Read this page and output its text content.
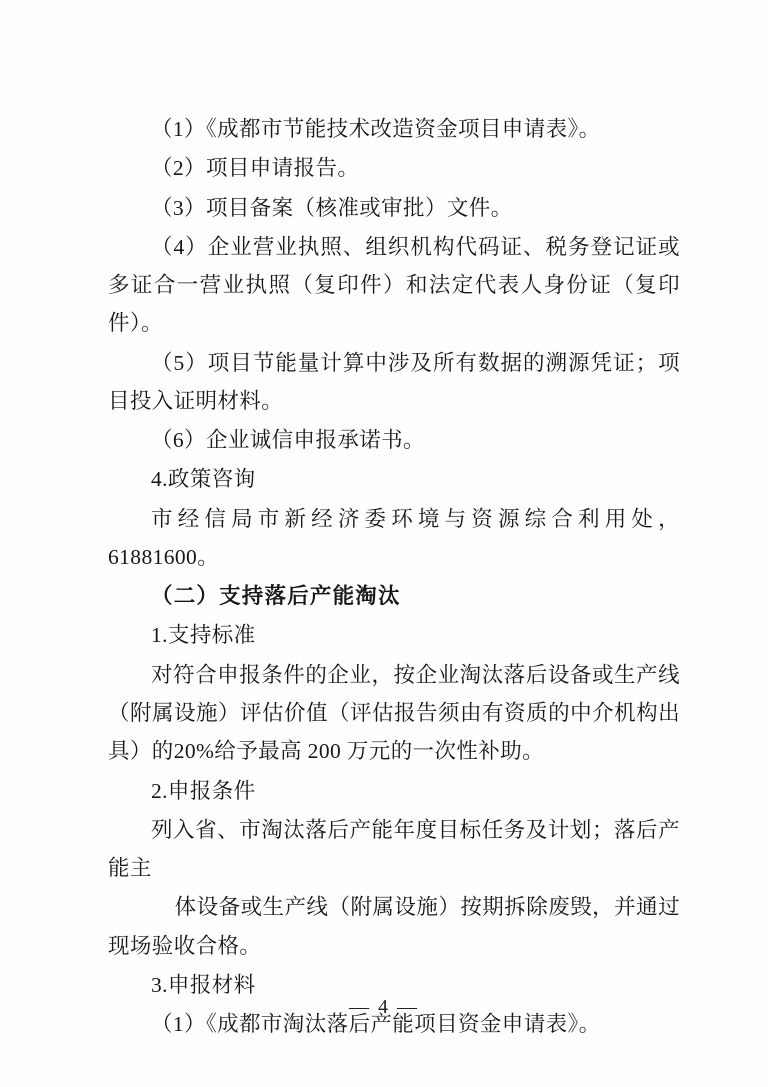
（1）《成都市节能技术改造资金项目申请表》。

（2）项目申请报告。

（3）项目备案（核准或审批）文件。

（4）企业营业执照、组织机构代码证、税务登记证或多证合一营业执照（复印件）和法定代表人身份证（复印件）。

（5）项目节能量计算中涉及所有数据的溯源凭证；项目投入证明材料。

（6）企业诚信申报承诺书。

4.政策咨询

市经信局市新经济委环境与资源综合利用处，61881600。

（二）支持落后产能淘汰

1.支持标准

对符合申报条件的企业，按企业淘汰落后设备或生产线（附属设施）评估价值（评估报告须由有资质的中介机构出具）的20%给予最高 200 万元的一次性补助。

2.申报条件

列入省、市淘汰落后产能年度目标任务及计划；落后产能主

体设备或生产线（附属设施）按期拆除废毁，并通过现场验收合格。

3.申报材料

（1）《成都市淘汰落后产能项目资金申请表》。

— 4 —
